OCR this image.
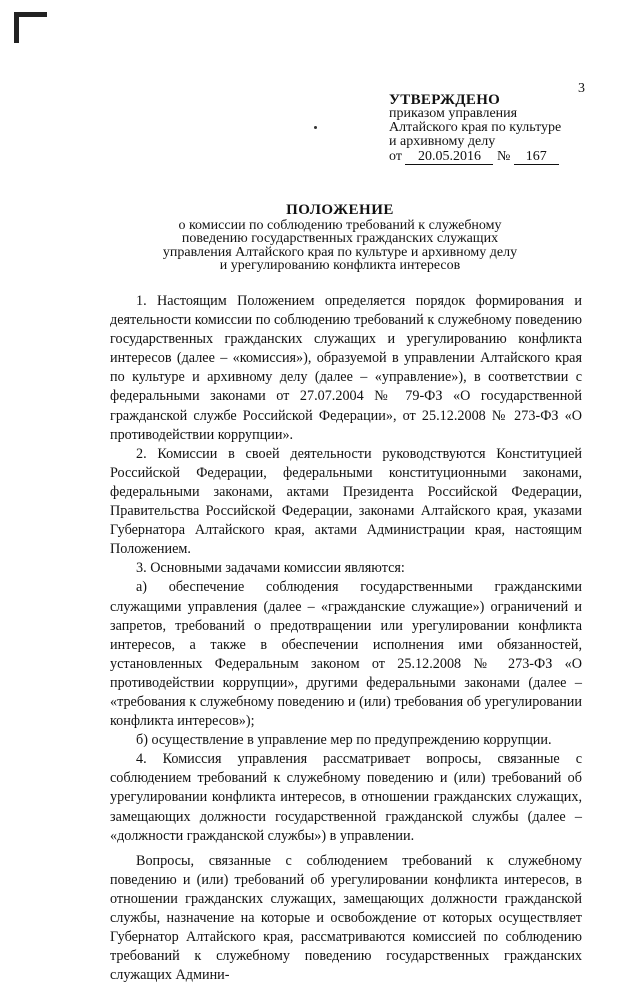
3
УТВЕРЖДЕНО
приказом управления
Алтайского края по культуре
и архивному делу
от 20.05.2016 № 167
ПОЛОЖЕНИЕ
о комиссии по соблюдению требований к служебному
поведению государственных гражданских служащих
управления Алтайского края по культуре и архивному делу
и урегулированию конфликта интересов

1. Настоящим Положением определяется порядок формирования и деятельности комиссии по соблюдению требований к служебному поведению государственных гражданских служащих и урегулированию конфликта интересов (далее – «комиссия»), образуемой в управлении Алтайского края по культуре и архивному делу (далее – «управление»), в соответствии с федеральными законами от 27.07.2004 № 79-ФЗ «О государственной гражданской службе Российской Федерации», от 25.12.2008 № 273-ФЗ «О противодействии коррупции».

2. Комиссии в своей деятельности руководствуются Конституцией Российской Федерации, федеральными конституционными законами, федеральными законами, актами Президента Российской Федерации, Правительства Российской Федерации, законами Алтайского края, указами Губернатора Алтайского края, актами Администрации края, настоящим Положением.

3. Основными задачами комиссии являются:

а) обеспечение соблюдения государственными гражданскими служащими управления (далее – «гражданские служащие») ограничений и запретов, требований о предотвращении или урегулировании конфликта интересов, а также в обеспечении исполнения ими обязанностей, установленных Федеральным законом от 25.12.2008 № 273-ФЗ «О противодействии коррупции», другими федеральными законами (далее – «требования к служебному поведению и (или) требования об урегулировании конфликта интересов»);

б) осуществление в управление мер по предупреждению коррупции.

4. Комиссия управления рассматривает вопросы, связанные с соблюдением требований к служебному поведению и (или) требований об урегулировании конфликта интересов, в отношении гражданских служащих, замещающих должности государственной гражданской службы (далее – «должности гражданской службы») в управлении.

Вопросы, связанные с соблюдением требований к служебному поведению и (или) требований об урегулировании конфликта интересов, в отношении гражданских служащих, замещающих должности гражданской службы, назначение на которые и освобождение от которых осуществляет Губернатор Алтайского края, рассматриваются комиссией по соблюдению требований к служебному поведению государственных гражданских служащих Админи-
